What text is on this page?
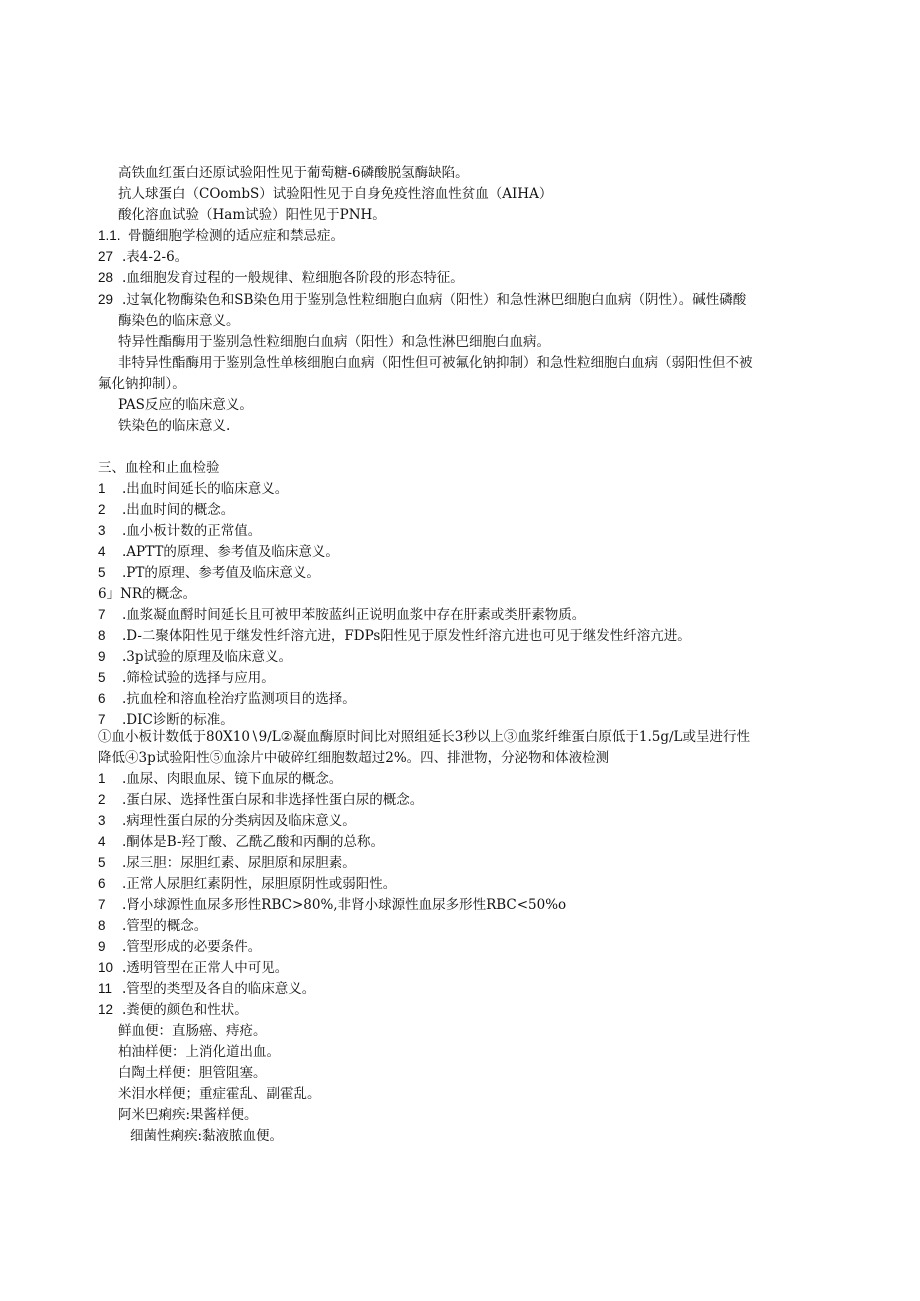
高铁血红蛋白还原试验阳性见于葡萄糖-6磷酸脱氢酶缺陷。
抗人球蛋白（COombS）试验阳性见于自身免疫性溶血性贫血（AIHA）
酸化溶血试验（Ham试验）阳性见于PNH。
1.1. 骨髓细胞学检测的适应症和禁忌症。
27 .表4-2-6。
28 .血细胞发育过程的一般规律、粒细胞各阶段的形态特征。
29 .过氧化物酶染色和SB染色用于鉴别急性粒细胞白血病（阳性）和急性淋巴细胞白血病（阴性）。碱性磷酸
酶染色的临床意义。
特异性酯酶用于鉴别急性粒细胞白血病（阳性）和急性淋巴细胞白血病。
非特异性酯酶用于鉴别急性单核细胞白血病（阳性但可被氟化钠抑制）和急性粒细胞白血病（弱阳性但不被
氟化钠抑制）。
PAS反应的临床意义。
铁染色的临床意义.
三、血栓和止血检验
1 .出血时间延长的临床意义。
2 .出血时间的概念。
3 .血小板计数的正常值。
4 .APTT的原理、参考值及临床意义。
5 .PT的原理、参考值及临床意义。
6」NR的概念。
7 .血浆凝血酹时间延长且可被甲苯胺蓝纠正说明血浆中存在肝素或类肝素物质。
8 .D-二聚体阳性见于继发性纤溶亢进，FDPs阳性见于原发性纤溶亢进也可见于继发性纤溶亢进。
9 .3p试验的原理及临床意义。
5 .筛检试验的选择与应用。
6 .抗血栓和溶血栓治疗监测项目的选择。
7 .DIC诊断的标准。
①血小板计数低于80X10∖9∕L②凝血酶原时间比对照组延长3秒以上③血浆纤维蛋白原低于1.5g∕L或呈进行性
降低④3p试验阳性⑤血涂片中破碎红细胞数超过2%。四、排泄物，分泌物和体液检测
1 .血尿、肉眼血尿、镜下血尿的概念。
2 .蛋白尿、选择性蛋白尿和非选择性蛋白尿的概念。
3 .病理性蛋白尿的分类病因及临床意义。
4 .酮体是B-羟丁酸、乙酰乙酸和丙酮的总称。
5 .尿三胆：尿胆红素、尿胆原和尿胆素。
6 .正常人尿胆红素阴性，尿胆原阴性或弱阳性。
7 .肾小球源性血尿多形性RBC>80%,非肾小球源性血尿多形性RBC<50%o
8 .管型的概念。
9 .管型形成的必要条件。
10 .透明管型在正常人中可见。
11 .管型的类型及各自的临床意义。
12 .粪便的颜色和性状。
鲜血便：直肠癌、痔疮。
柏油样便：上消化道出血。
白陶土样便：胆管阻塞。
米泪水样便；重症霍乱、副霍乱。
阿米巴痢疾:果酱样便。
细菌性痢疾:黏液脓血便。
